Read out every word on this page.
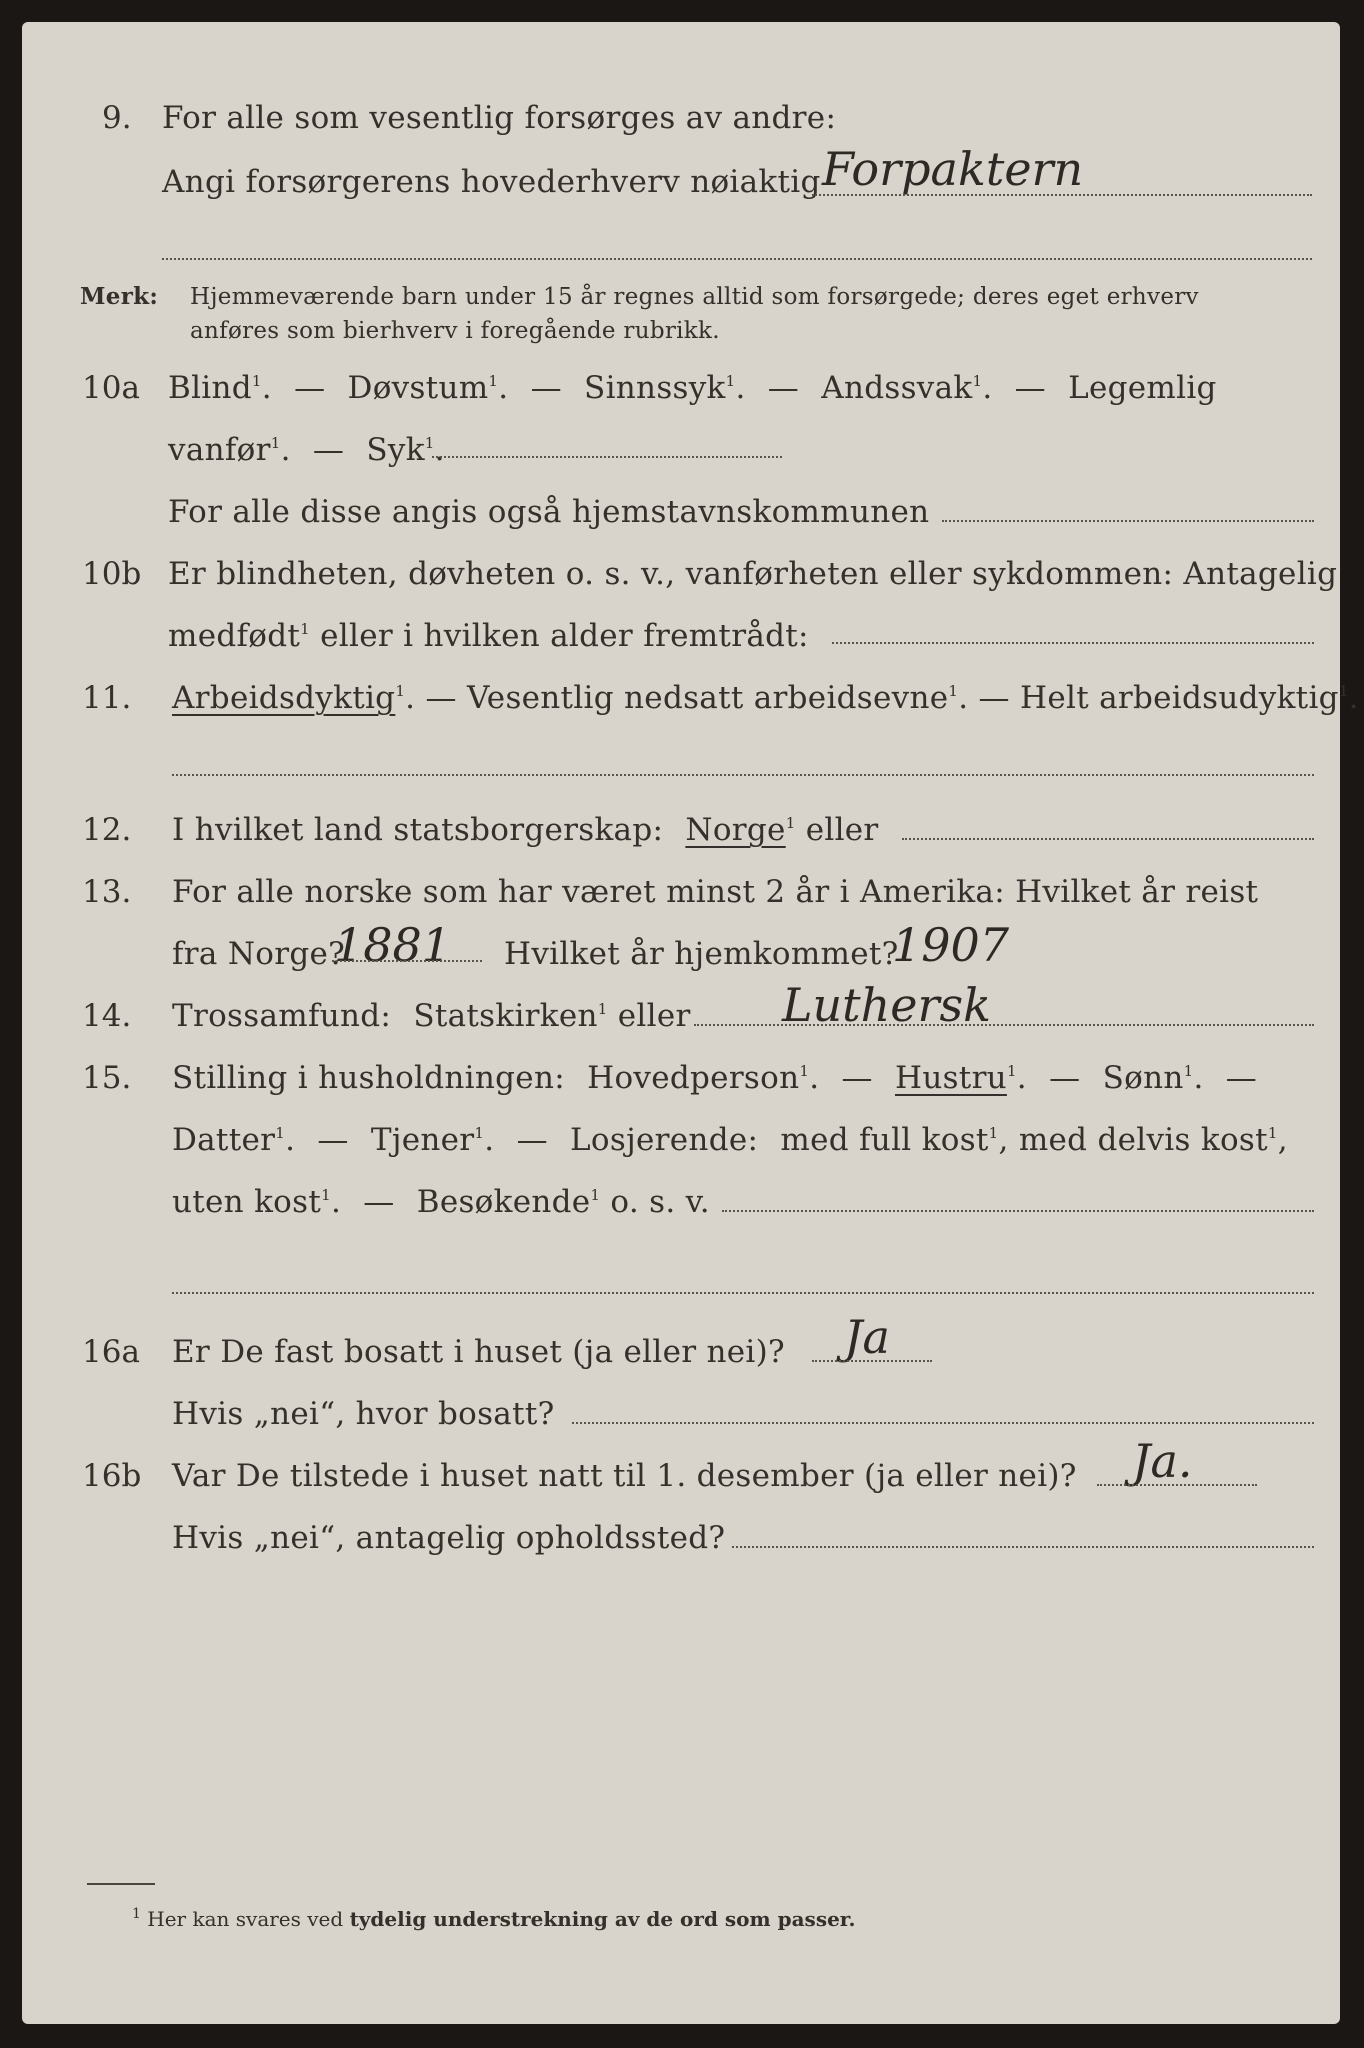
9. For alle som vesentlig forsørges av andre:
Angi forsørgerens hovederhverv nøiaktig Forpaktern
Merk: Hjemmeværende barn under 15 år regnes alltid som forsørgede; deres eget erhverv
anføres som bierhverv i foregående rubrikk.
10a Blind$^1$. — Døvstum$^1$. — Sinnssyk$^1$. — Andssvak$^1$. — Legemlig
vanfør$^1$. — Syk$^1$.
For alle disse angis også hjemstavnskommunen
10b Er blindheten, døvheten o. s. v., vanførheten eller sykdommen: Antagelig
medfødt$^1$ eller i hvilken alder fremtrådt:
11. Arbeidsdyktig$^1$. — Vesentlig nedsatt arbeidsevne$^1$. — Helt arbeidsudyktig$^1$.
12. I hvilket land statsborgerskap: Norge$^1$ eller
13. For alle norske som har været minst 2 år i Amerika: Hvilket år reist
fra Norge?
1881 Hvilket år hjemkommet?
1907
14. Trossamfund: Statskirken$^1$ eller Luthersk
15. Stilling i husholdningen: Hovedperson$^1$. — Hustru$^1$. — Sønn$^1$. —
Datter$^1$. — Tjener$^1$. — Losjerende: med full kost$^1$, med delvis kost$^1$,
uten kost$^1$. — Besøkende$^1$ o. s. v.
16a Er De fast bosatt i huset (ja eller nei)? Ja
Hvis „nei“, hvor bosatt?
16b Var De tilstede i huset natt til 1. desember (ja eller nei)? Ja.
Hvis „nei“, antagelig opholdssted?
$^1$ Her kan svares ved tydelig understrekning av de ord som passer.
